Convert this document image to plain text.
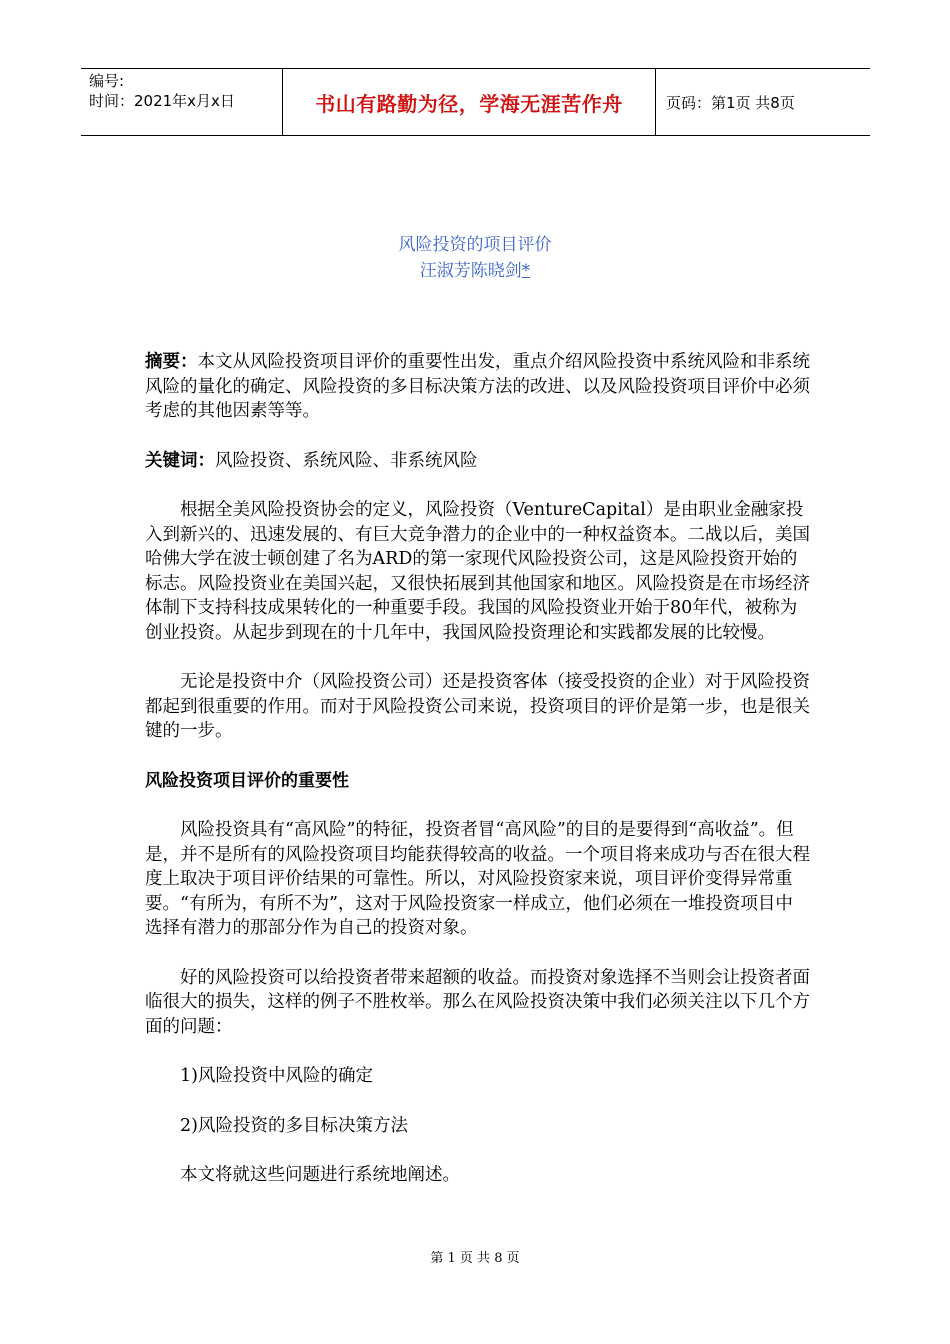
编号:
时间：2021年x月x日	书山有路勤为径，学海无涯苦作舟	页码：第1页 共8页
风险投资的项目评价
汪淑芳陈晓剑*

摘要：本文从风险投资项目评价的重要性出发，重点介绍风险投资中系统风险和非系统风险的量化的确定、风险投资的多目标决策方法的改进、以及风险投资项目评价中必须考虑的其他因素等等。

关键词：风险投资、系统风险、非系统风险

根据全美风险投资协会的定义，风险投资（VentureCapital）是由职业金融家投入到新兴的、迅速发展的、有巨大竞争潜力的企业中的一种权益资本。二战以后，美国哈佛大学在波士顿创建了名为ARD的第一家现代风险投资公司，这是风险投资开始的标志。风险投资业在美国兴起，又很快拓展到其他国家和地区。风险投资是在市场经济体制下支持科技成果转化的一种重要手段。我国的风险投资业开始于80年代，被称为创业投资。从起步到现在的十几年中，我国风险投资理论和实践都发展的比较慢。

无论是投资中介（风险投资公司）还是投资客体（接受投资的企业）对于风险投资都起到很重要的作用。而对于风险投资公司来说，投资项目的评价是第一步，也是很关键的一步。

风险投资项目评价的重要性

风险投资具有“高风险”的特征，投资者冒“高风险”的目的是要得到“高收益”。但是，并不是所有的风险投资项目均能获得较高的收益。一个项目将来成功与否在很大程度上取决于项目评价结果的可靠性。所以，对风险投资家来说，项目评价变得异常重要。“有所为，有所不为”，这对于风险投资家一样成立，他们必须在一堆投资项目中选择有潜力的那部分作为自己的投资对象。

好的风险投资可以给投资者带来超额的收益。而投资对象选择不当则会让投资者面临很大的损失，这样的例子不胜枚举。那么在风险投资决策中我们必须关注以下几个方面的问题：

1)风险投资中风险的确定

2)风险投资的多目标决策方法

本文将就这些问题进行系统地阐述。

第 1 页 共 8 页
